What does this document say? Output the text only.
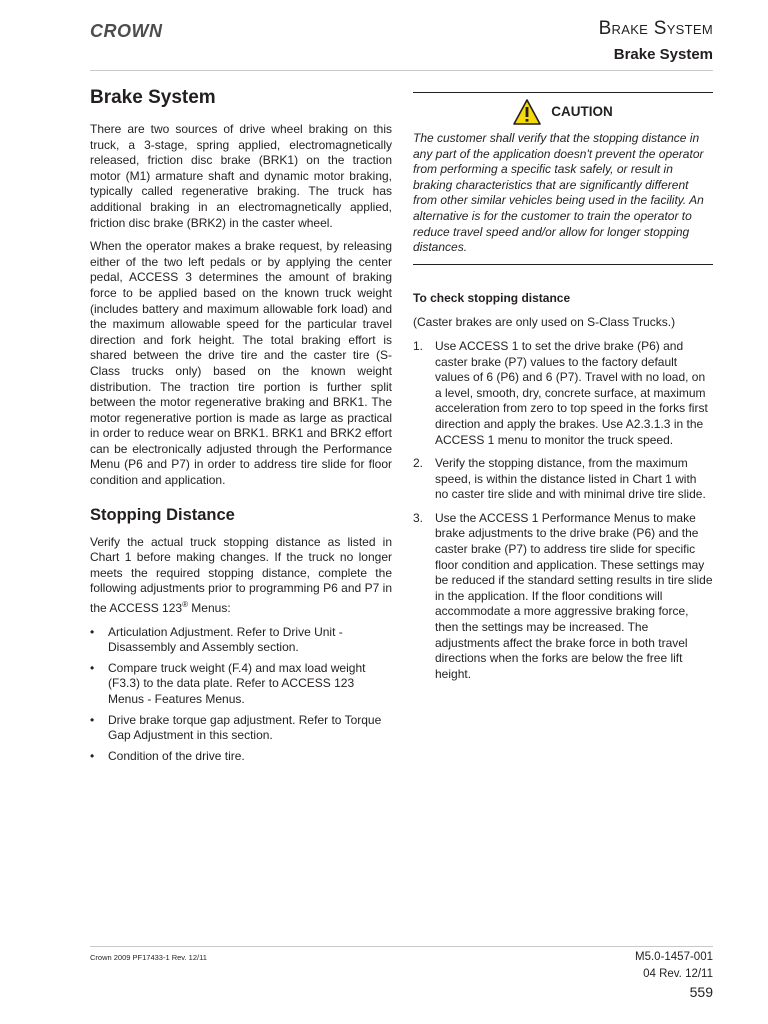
CROWN	Brake System
Brake System
Brake System

There are two sources of drive wheel braking on this truck, a 3-stage, spring applied, electromagnetically released, friction disc brake (BRK1) on the traction motor (M1) armature shaft and dynamic motor braking, typically called regenerative braking. The truck has additional braking in an electromagnetically applied, friction disc brake (BRK2) in the caster wheel.

When the operator makes a brake request, by releasing either of the two left pedals or by applying the center pedal, ACCESS 3 determines the amount of braking force to be applied based on the known truck weight (includes battery and maximum allowable fork load) and the maximum allowable speed for the particular travel direction and fork height. The total braking effort is shared between the drive tire and the caster tire (S-Class trucks only) based on the known weight distribution. The traction tire portion is further split between the motor regenerative braking and BRK1. The motor regenerative portion is made as large as practical in order to reduce wear on BRK1. BRK1 and BRK2 effort can be electronically adjusted through the Performance Menu (P6 and P7) in order to address tire slide for floor condition and application.

Stopping Distance

Verify the actual truck stopping distance as listed in Chart 1 before making changes. If the truck no longer meets the required stopping distance, complete the following adjustments prior to programming P6 and P7 in the ACCESS 123® Menus:

• Articulation Adjustment. Refer to Drive Unit - Disassembly and Assembly section.
• Compare truck weight (F.4) and max load weight (F3.3) to the data plate. Refer to ACCESS 123 Menus - Features Menus.
• Drive brake torque gap adjustment. Refer to Torque Gap Adjustment in this section.
• Condition of the drive tire.
CAUTION

The customer shall verify that the stopping distance in any part of the application doesn't prevent the operator from performing a specific task safely, or result in braking characteristics that are significantly different from other similar vehicles being used in the facility. An alternative is for the customer to train the operator to reduce travel speed and/or allow for longer stopping distances.

To check stopping distance

(Caster brakes are only used on S-Class Trucks.)

1. Use ACCESS 1 to set the drive brake (P6) and caster brake (P7) values to the factory default values of 6 (P6) and 6 (P7). Travel with no load, on a level, smooth, dry, concrete surface, at maximum acceleration from zero to top speed in the forks first direction and apply the brakes. Use A2.3.1.3 in the ACCESS 1 menu to monitor the truck speed.
2. Verify the stopping distance, from the maximum speed, is within the distance listed in Chart 1 with no caster tire slide and with minimal drive tire slide.
3. Use the ACCESS 1 Performance Menus to make brake adjustments to the drive brake (P6) and the caster brake (P7) to address tire slide for specific floor condition and application. These settings may be reduced if the standard setting results in tire slide in the application. If the floor conditions will accommodate a more aggressive braking force, then the settings may be increased. The adjustments affect the brake force in both travel directions when the forks are below the free lift height.
Crown 2009 PF17433-1 Rev. 12/11	M5.0-1457-001
04 Rev. 12/11
559
